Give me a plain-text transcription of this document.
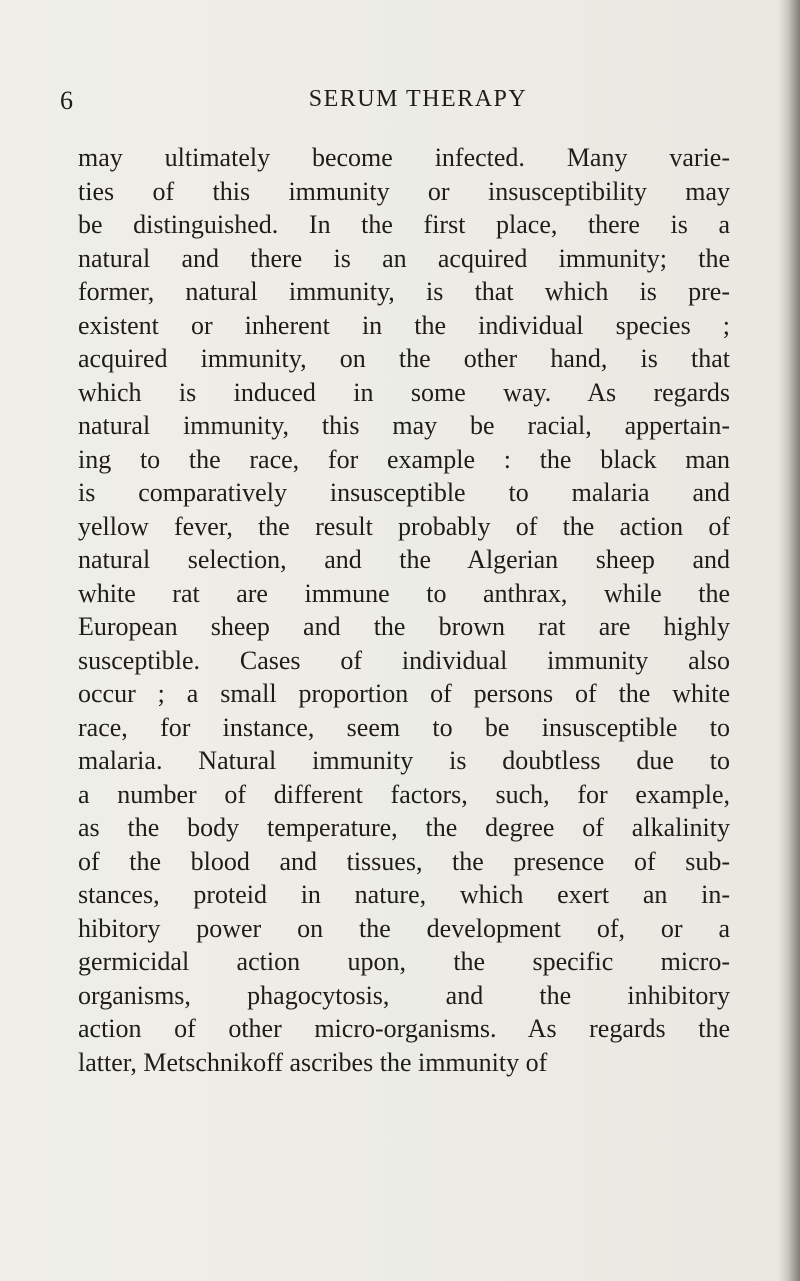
6	SERUM THERAPY
may ultimately become infected. Many varie-
ties of this immunity or insusceptibility may
be distinguished. In the first place, there is a
natural and there is an acquired immunity; the
former, natural immunity, is that which is pre-
existent or inherent in the individual species ;
acquired immunity, on the other hand, is that
which is induced in some way. As regards
natural immunity, this may be racial, appertain-
ing to the race, for example : the black man
is comparatively insusceptible to malaria and
yellow fever, the result probably of the action of
natural selection, and the Algerian sheep and
white rat are immune to anthrax, while the
European sheep and the brown rat are highly
susceptible. Cases of individual immunity also
occur ; a small proportion of persons of the white
race, for instance, seem to be insusceptible to
malaria. Natural immunity is doubtless due to
a number of different factors, such, for example,
as the body temperature, the degree of alkalinity
of the blood and tissues, the presence of sub-
stances, proteid in nature, which exert an in-
hibitory power on the development of, or a
germicidal action upon, the specific micro-
organisms, phagocytosis, and the inhibitory
action of other micro-organisms. As regards the
latter, Metschnikoff ascribes the immunity of
